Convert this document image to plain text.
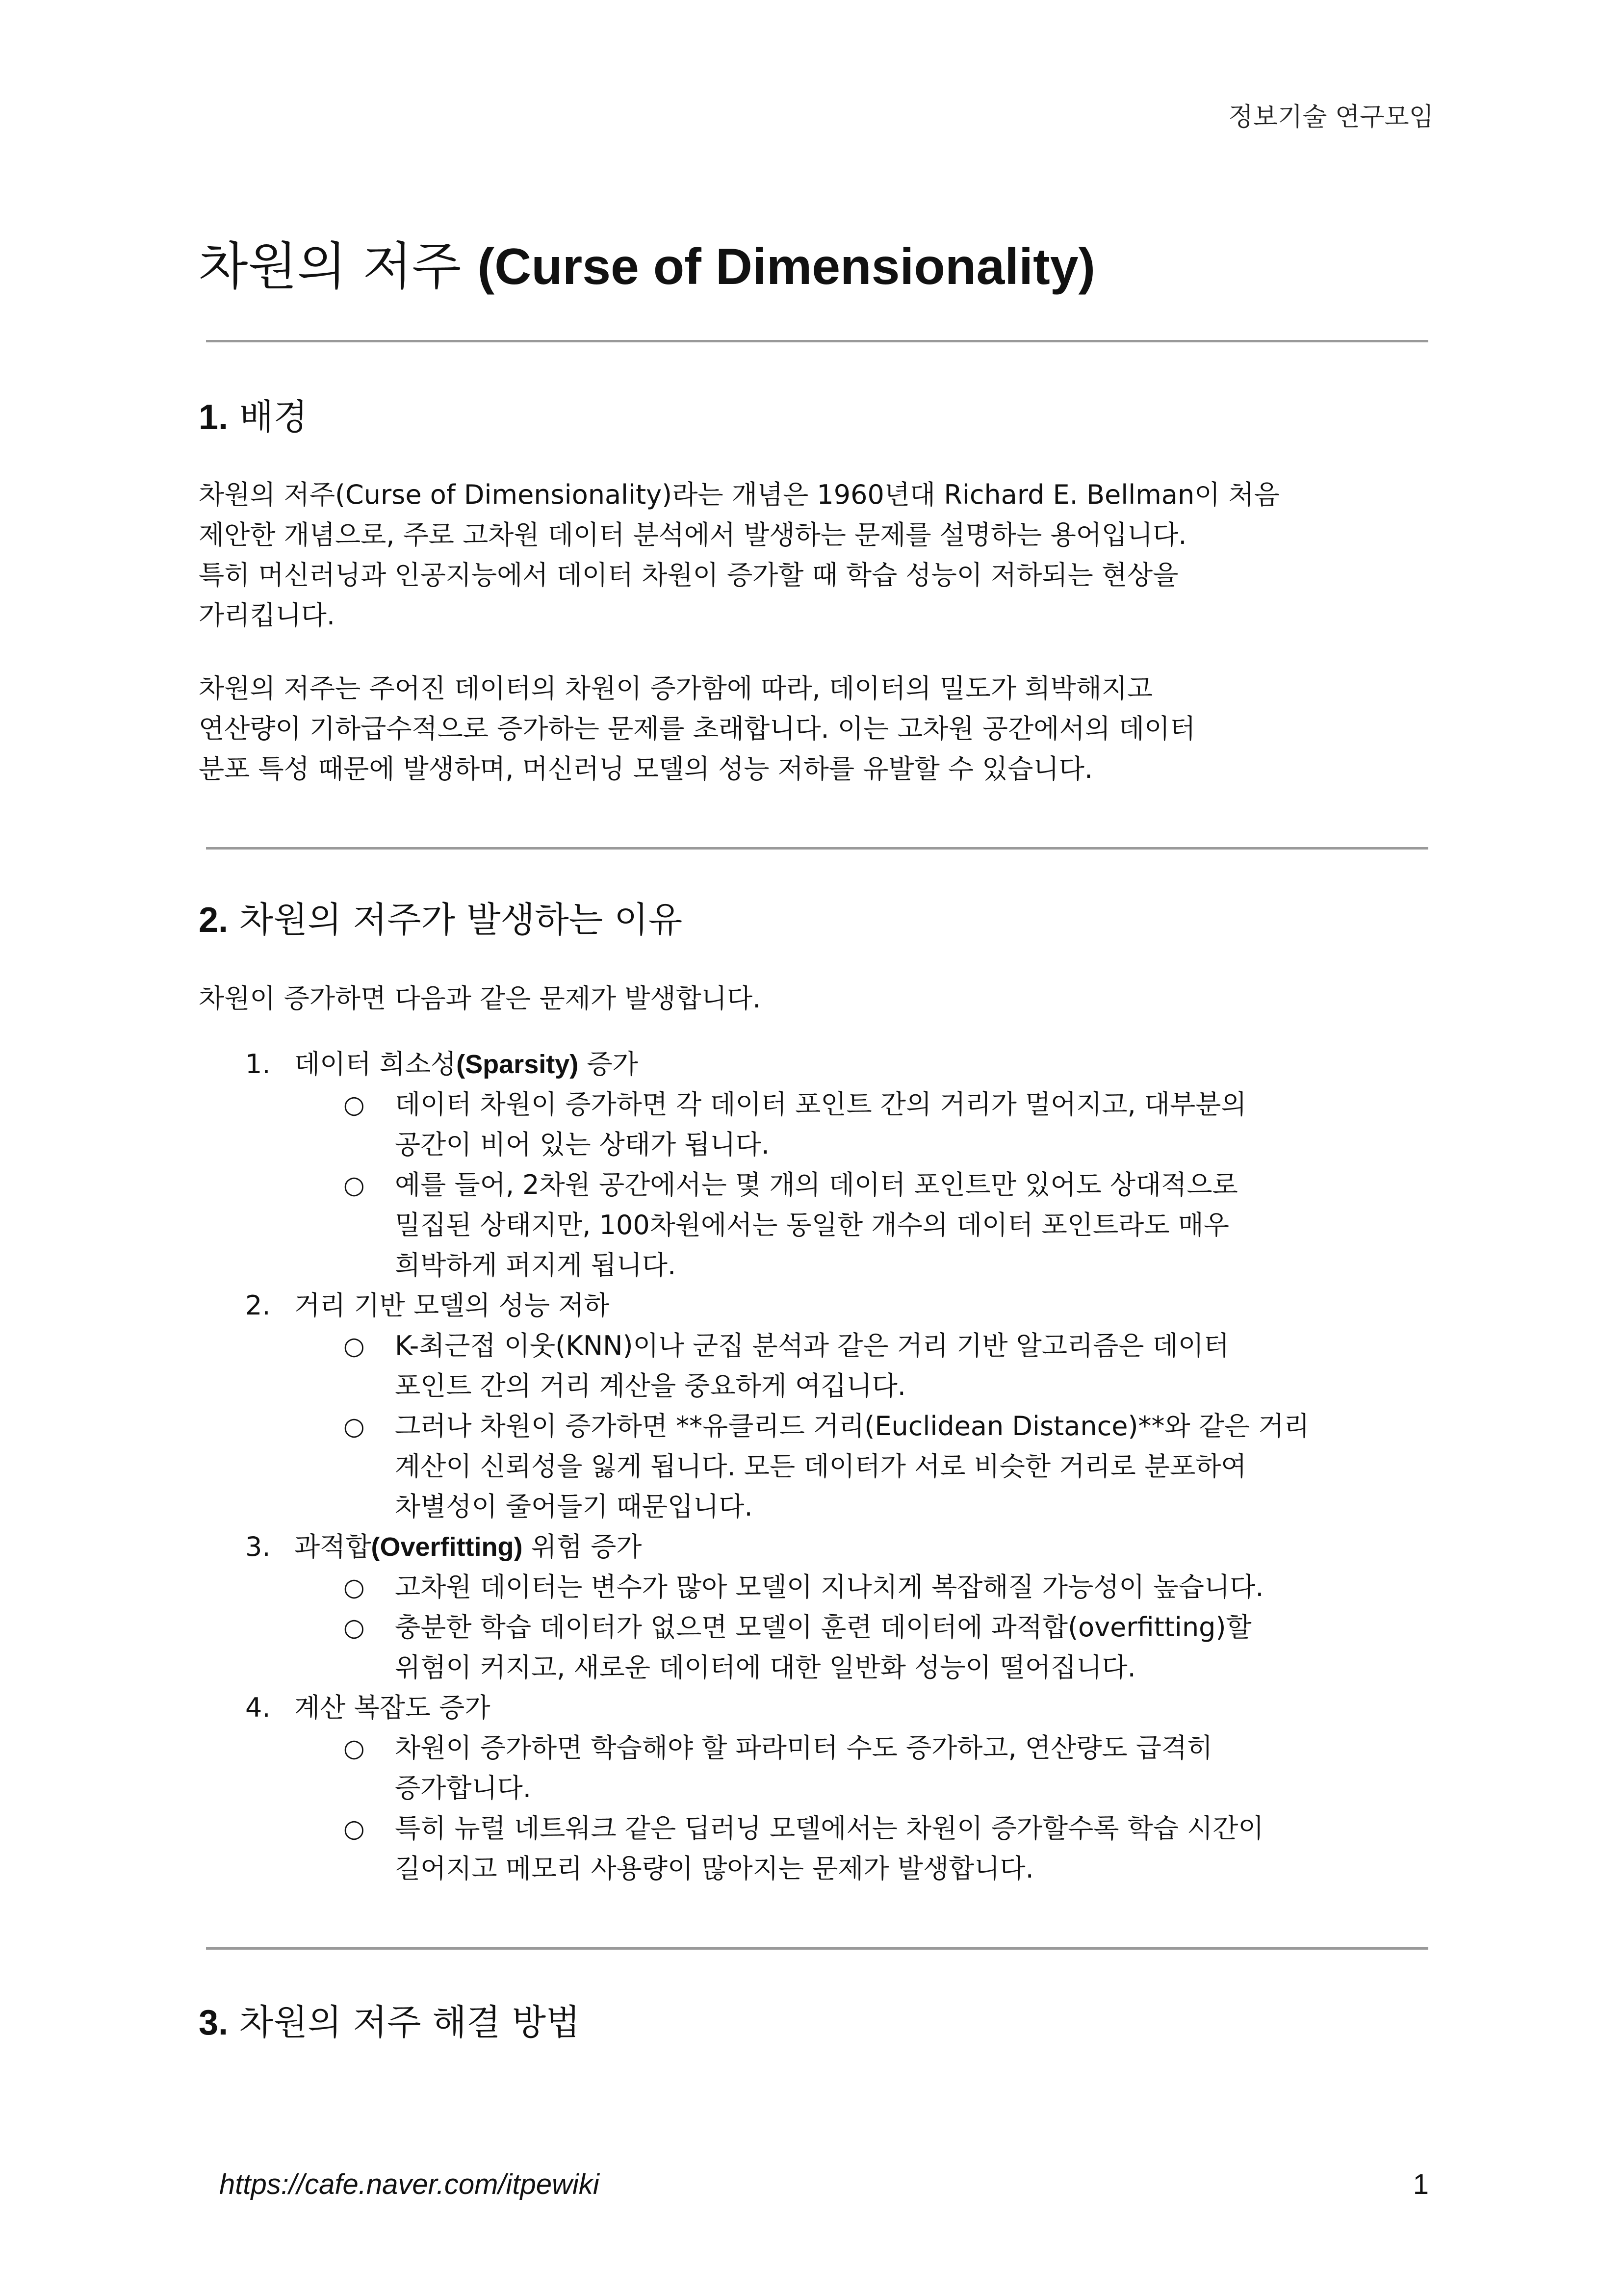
정보기술 연구모임
차원의 저주 (Curse of Dimensionality)
1. 배경
차원의 저주(Curse of Dimensionality)라는 개념은 1960년대 Richard E. Bellman이 처음
제안한 개념으로, 주로 고차원 데이터 분석에서 발생하는 문제를 설명하는 용어입니다.
특히 머신러닝과 인공지능에서 데이터 차원이 증가할 때 학습 성능이 저하되는 현상을
가리킵니다.
차원의 저주는 주어진 데이터의 차원이 증가함에 따라, 데이터의 밀도가 희박해지고
연산량이 기하급수적으로 증가하는 문제를 초래합니다. 이는 고차원 공간에서의 데이터
분포 특성 때문에 발생하며, 머신러닝 모델의 성능 저하를 유발할 수 있습니다.
2. 차원의 저주가 발생하는 이유
차원이 증가하면 다음과 같은 문제가 발생합니다.
1. 데이터 희소성(Sparsity) 증가
○ 데이터 차원이 증가하면 각 데이터 포인트 간의 거리가 멀어지고, 대부분의
공간이 비어 있는 상태가 됩니다.
○ 예를 들어, 2차원 공간에서는 몇 개의 데이터 포인트만 있어도 상대적으로
밀집된 상태지만, 100차원에서는 동일한 개수의 데이터 포인트라도 매우
희박하게 퍼지게 됩니다.
2. 거리 기반 모델의 성능 저하
○ K-최근접 이웃(KNN)이나 군집 분석과 같은 거리 기반 알고리즘은 데이터
포인트 간의 거리 계산을 중요하게 여깁니다.
○ 그러나 차원이 증가하면 **유클리드 거리(Euclidean Distance)**와 같은 거리
계산이 신뢰성을 잃게 됩니다. 모든 데이터가 서로 비슷한 거리로 분포하여
차별성이 줄어들기 때문입니다.
3. 과적합(Overfitting) 위험 증가
○ 고차원 데이터는 변수가 많아 모델이 지나치게 복잡해질 가능성이 높습니다.
○ 충분한 학습 데이터가 없으면 모델이 훈련 데이터에 과적합(overfitting)할
위험이 커지고, 새로운 데이터에 대한 일반화 성능이 떨어집니다.
4. 계산 복잡도 증가
○ 차원이 증가하면 학습해야 할 파라미터 수도 증가하고, 연산량도 급격히
증가합니다.
○ 특히 뉴럴 네트워크 같은 딥러닝 모델에서는 차원이 증가할수록 학습 시간이
길어지고 메모리 사용량이 많아지는 문제가 발생합니다.
3. 차원의 저주 해결 방법
https://cafe.naver.com/itpewiki	1
